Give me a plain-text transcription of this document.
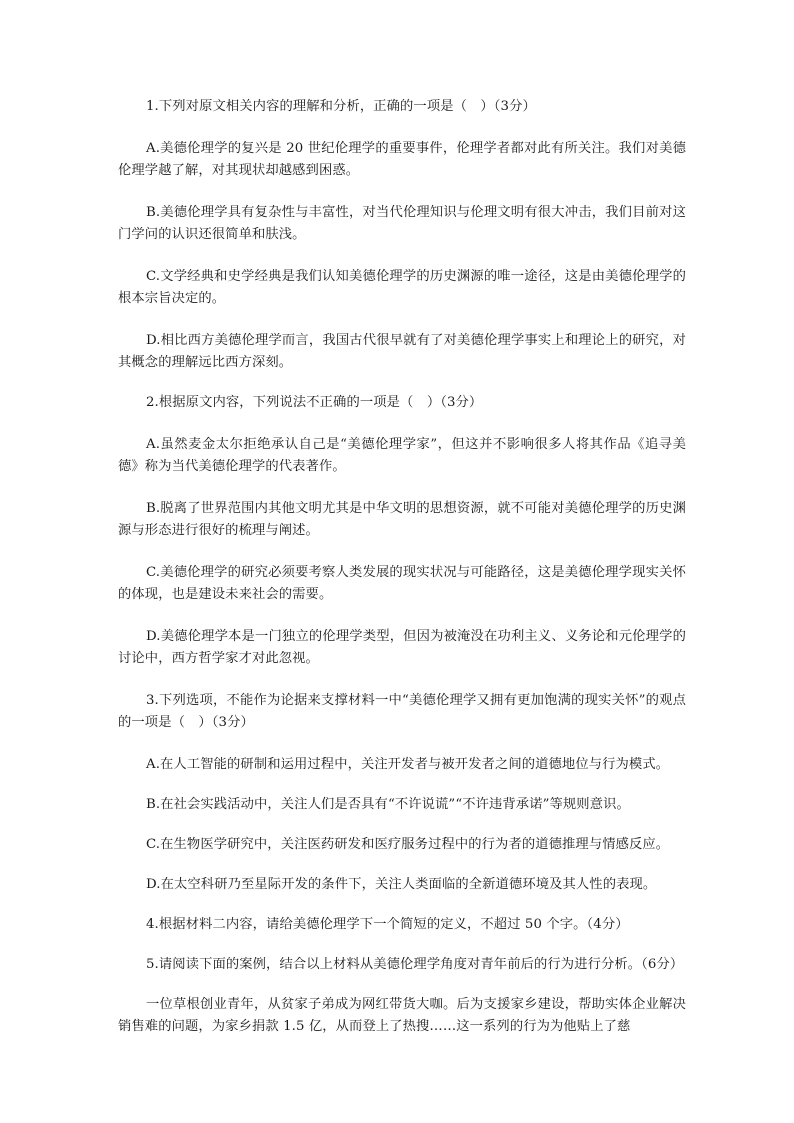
1.下列对原文相关内容的理解和分析，正确的一项是（　）（3分）

A.美德伦理学的复兴是 20 世纪伦理学的重要事件，伦理学者都对此有所关注。我们对美德伦理学越了解，对其现状却越感到困惑。

B.美德伦理学具有复杂性与丰富性，对当代伦理知识与伦理文明有很大冲击，我们目前对这门学问的认识还很简单和肤浅。

C.文学经典和史学经典是我们认知美德伦理学的历史渊源的唯一途径，这是由美德伦理学的根本宗旨决定的。

D.相比西方美德伦理学而言，我国古代很早就有了对美德伦理学事实上和理论上的研究，对其概念的理解远比西方深刻。

2.根据原文内容，下列说法不正确的一项是（　）（3分）

A.虽然麦金太尔拒绝承认自己是“美德伦理学家”，但这并不影响很多人将其作品《追寻美德》称为当代美德伦理学的代表著作。

B.脱离了世界范围内其他文明尤其是中华文明的思想资源，就不可能对美德伦理学的历史渊源与形态进行很好的梳理与阐述。

C.美德伦理学的研究必须要考察人类发展的现实状况与可能路径，这是美德伦理学现实关怀的体现，也是建设未来社会的需要。

D.美德伦理学本是一门独立的伦理学类型，但因为被淹没在功利主义、义务论和元伦理学的讨论中，西方哲学家才对此忽视。

3.下列选项，不能作为论据来支撑材料一中“美德伦理学又拥有更加饱满的现实关怀”的观点的一项是（　）（3分）

A.在人工智能的研制和运用过程中，关注开发者与被开发者之间的道德地位与行为模式。

B.在社会实践活动中，关注人们是否具有“不许说谎”“不许违背承诺”等规则意识。

C.在生物医学研究中，关注医药研发和医疗服务过程中的行为者的道德推理与情感反应。

D.在太空科研乃至星际开发的条件下，关注人类面临的全新道德环境及其人性的表现。

4.根据材料二内容，请给美德伦理学下一个简短的定义，不超过 50 个字。（4分）

5.请阅读下面的案例，结合以上材料从美德伦理学角度对青年前后的行为进行分析。（6分）

一位草根创业青年，从贫家子弟成为网红带货大咖。后为支援家乡建设，帮助实体企业解决销售难的问题，为家乡捐款 1.5 亿，从而登上了热搜……这一系列的行为为他贴上了慈
